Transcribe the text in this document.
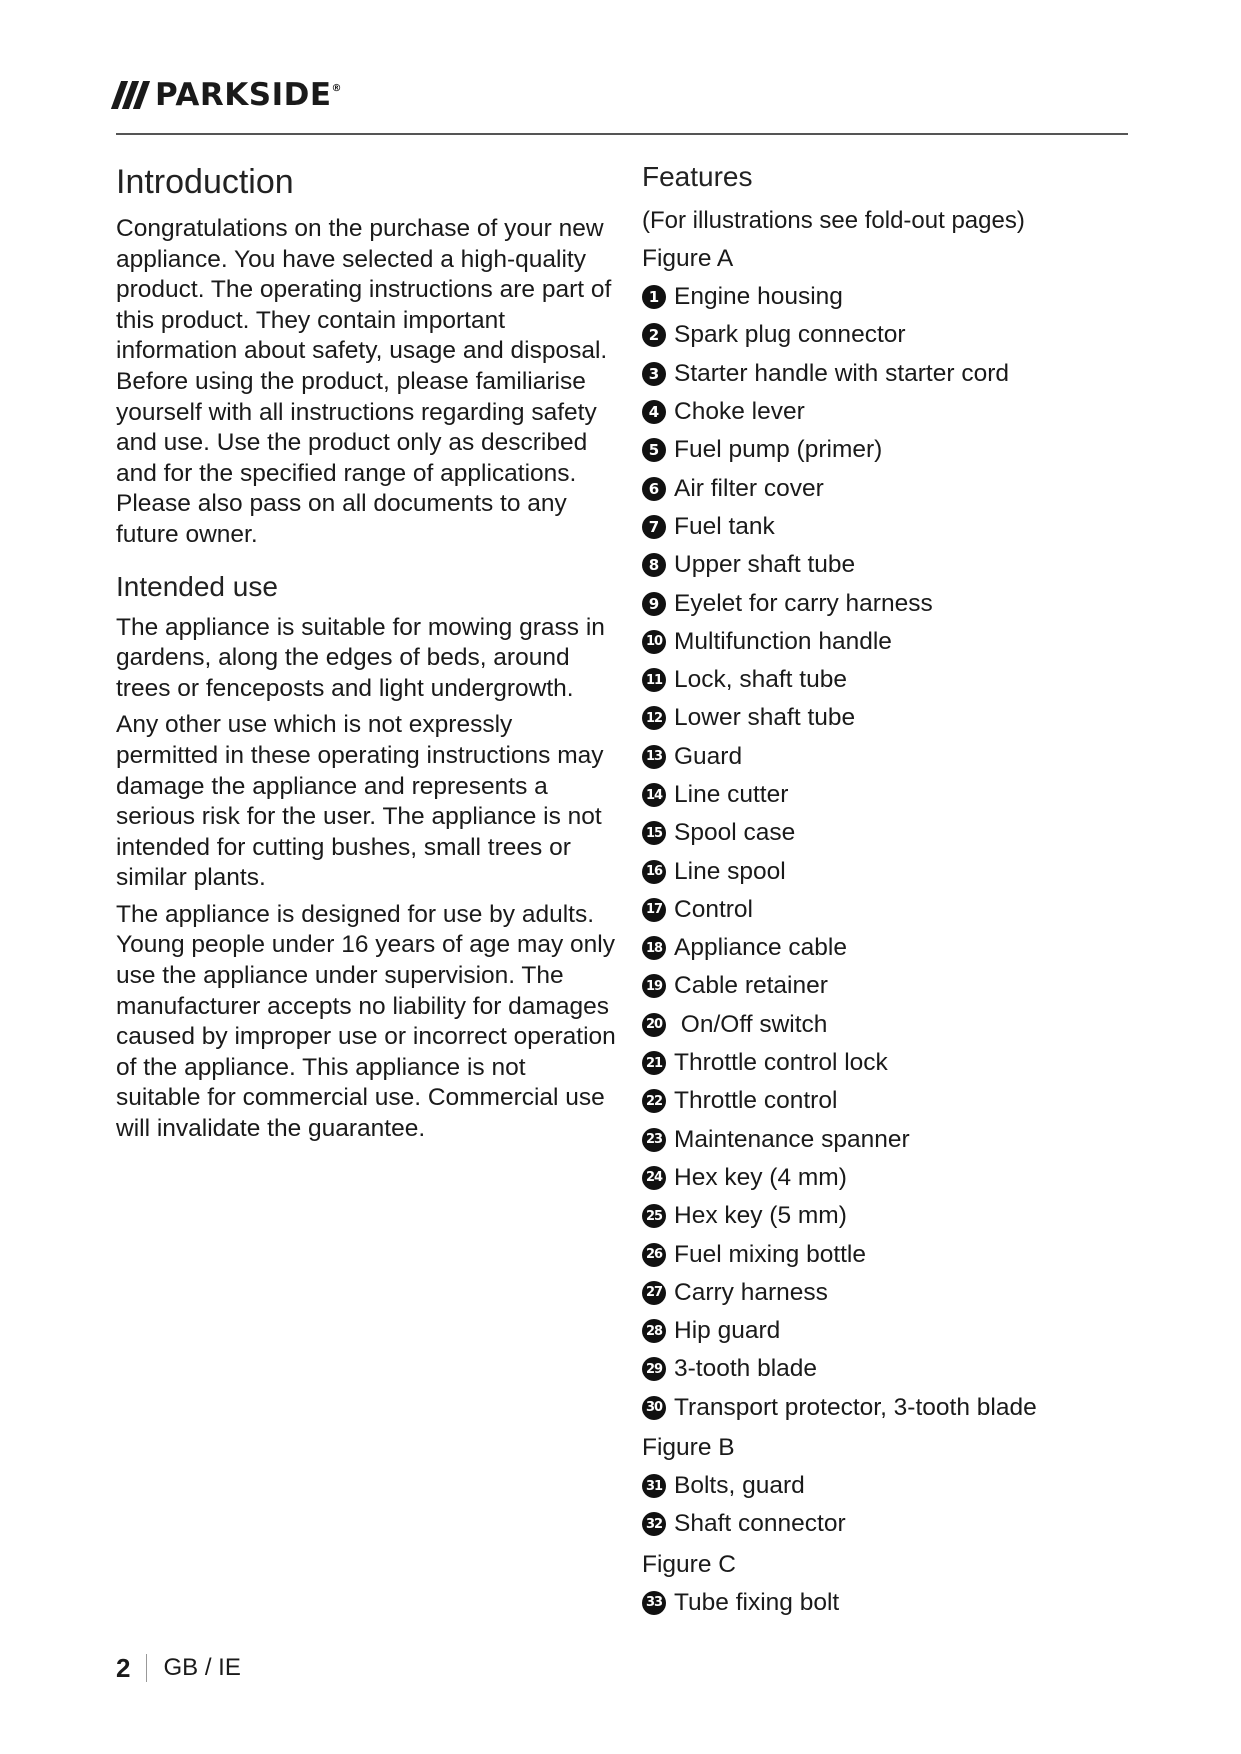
PARKSIDE®
Introduction

Congratulations on the purchase of your new appliance. You have selected a high-quality product. The operating instructions are part of this product. They contain important information about safety, usage and disposal. Before using the product, please familiarise yourself with all instructions regarding safety and use. Use the product only as described and for the specified range of applications. Please also pass on all documents to any future owner.

Intended use

The appliance is suitable for mowing grass in gardens, along the edges of beds, around trees or fenceposts and light undergrowth.

Any other use which is not expressly permitted in these operating instructions may damage the appliance and represents a serious risk for the user. The appliance is not intended for cutting bushes, small trees or similar plants.

The appliance is designed for use by adults. Young people under 16 years of age may only use the appliance under supervision. The manufacturer accepts no liability for damages caused by improper use or incorrect operation of the appliance. This appliance is not suitable for commercial use. Commercial use will invalidate the guarantee.

Features
(For illustrations see fold-out pages)
Figure A
1 Engine housing
2 Spark plug connector
3 Starter handle with starter cord
4 Choke lever
5 Fuel pump (primer)
6 Air filter cover
7 Fuel tank
8 Upper shaft tube
9 Eyelet for carry harness
10 Multifunction handle
11 Lock, shaft tube
12 Lower shaft tube
13 Guard
14 Line cutter
15 Spool case
16 Line spool
17 Control
18 Appliance cable
19 Cable retainer
20 On/Off switch
21 Throttle control lock
22 Throttle control
23 Maintenance spanner
24 Hex key (4 mm)
25 Hex key (5 mm)
26 Fuel mixing bottle
27 Carry harness
28 Hip guard
29 3-tooth blade
30 Transport protector, 3-tooth blade
Figure B
31 Bolts, guard
32 Shaft connector
Figure C
33 Tube fixing bolt
2 GB / IE
